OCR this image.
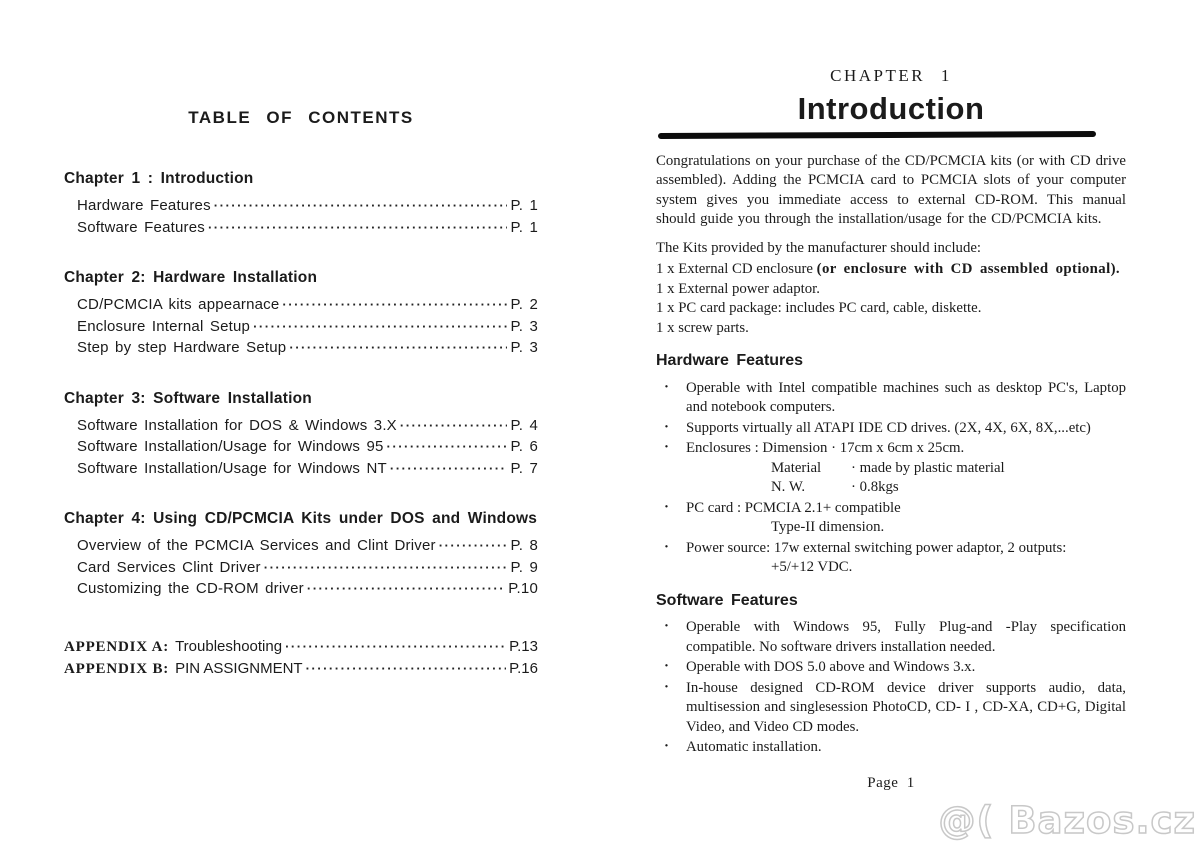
TABLE OF CONTENTS
Chapter 1 : Introduction
Hardware Features ·····	P. 1
Software Features ·····	P. 1
Chapter 2: Hardware Installation
CD/PCMCIA kits appearnace ·····	P. 2
Enclosure Internal Setup ·····	P. 3
Step by step Hardware Setup ·····	P. 3
Chapter 3: Software Installation
Software Installation for DOS & Windows 3.X ·····	P. 4
Software Installation/Usage for Windows 95 ·····	P. 6
Software Installation/Usage for Windows NT ·····	P. 7
Chapter 4: Using CD/PCMCIA Kits under DOS and Windows
Overview of the PCMCIA Services and Clint Driver ·····	P. 8
Card Services Clint Driver ·····	P. 9
Customizing the CD-ROM driver ·····	P.10
APPENDIX A: Troubleshooting ·····	P.13
APPENDIX B: PIN ASSIGNMENT ·····	P.16
CHAPTER 1
Introduction

Congratulations on your purchase of the CD/PCMCIA kits (or with CD drive assembled). Adding the PCMCIA card to PCMCIA slots of your computer system gives you immediate access to external CD-ROM. This manual should guide you through the installation/usage for the CD/PCMCIA kits.

The Kits provided by the manufacturer should include:

1 x External CD enclosure (or enclosure with CD assembled optional).

1 x External power adaptor.

1 x PC card package: includes PC card, cable, diskette.

1 x screw parts.

Hardware Features
· Operable with Intel compatible machines such as desktop PC's, Laptop and notebook computers.
· Supports virtually all ATAPI IDE CD drives. (2X, 4X, 6X, 8X,...etc)
· Enclosures : Dimension · 17cm x 6cm x 25cm.
Material	· made by plastic material
N. W.	· 0.8kgs
· PC card : PCMCIA 2.1+ compatible
Type-II dimension.
· Power source: 17w external switching power adaptor, 2 outputs:
+5/+12 VDC.
Software Features
· Operable with Windows 95, Fully Plug-and -Play specification compatible. No software drivers installation needed.
· Operable with DOS 5.0 above and Windows 3.x.
· In-house designed CD-ROM device driver supports audio, data, multisession and singlesession PhotoCD, CD- I , CD-XA, CD+G, Digital Video, and Video CD modes.
· Automatic installation.
Page 1
@( Bazos.cz
